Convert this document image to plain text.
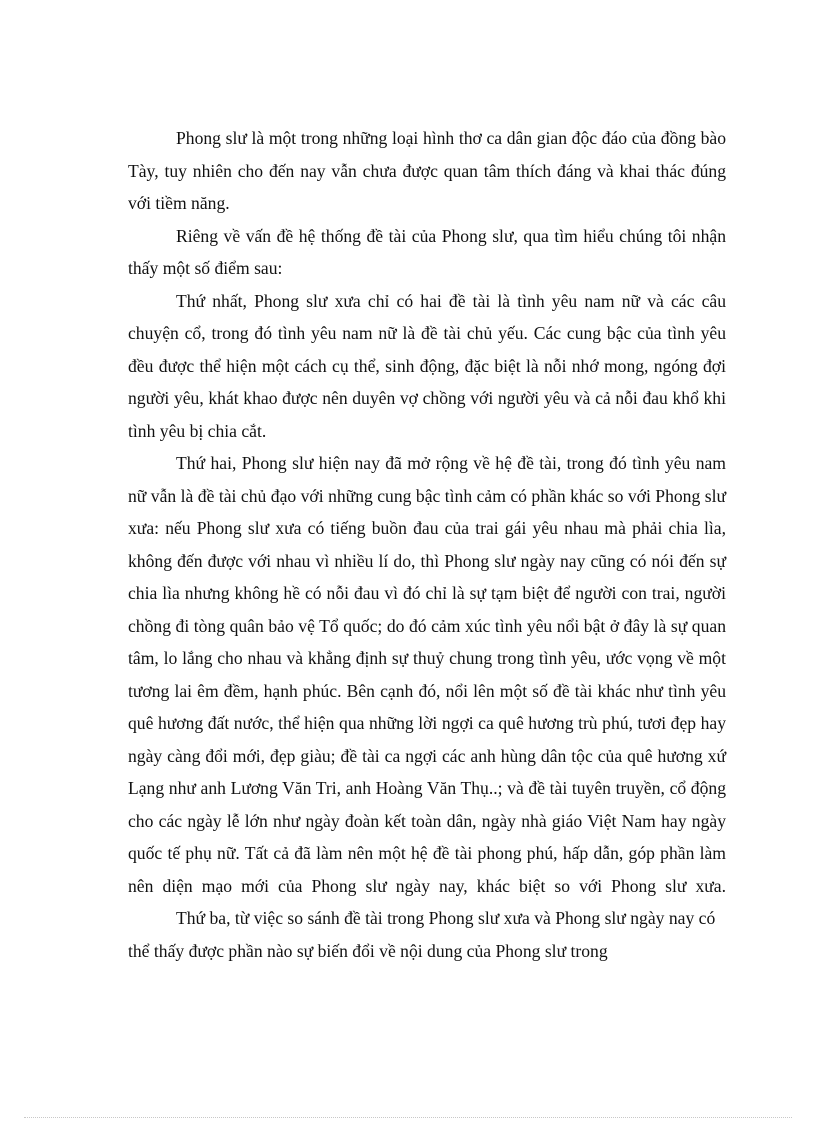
Phong slư là một trong những loại hình thơ ca dân gian độc đáo của đồng bào Tày, tuy nhiên cho đến nay vẫn chưa được quan tâm thích đáng và khai thác đúng với tiềm năng.

Riêng về vấn đề hệ thống đề tài của Phong slư, qua tìm hiểu chúng tôi nhận thấy một số điểm sau:

Thứ nhất, Phong slư xưa chỉ có hai đề tài là tình yêu nam nữ và các câu chuyện cổ, trong đó tình yêu nam nữ là đề tài chủ yếu. Các cung bậc của tình yêu đều được thể hiện một cách cụ thể, sinh động, đặc biệt là nỗi nhớ mong, ngóng đợi người yêu, khát khao được nên duyên vợ chồng với người yêu và cả nỗi đau khổ khi tình yêu bị chia cắt.

Thứ hai, Phong slư hiện nay đã mở rộng về hệ đề tài, trong đó tình yêu nam nữ vẫn là đề tài chủ đạo với những cung bậc tình cảm có phần khác so với Phong slư xưa: nếu Phong slư xưa có tiếng buồn đau của trai gái yêu nhau mà phải chia lìa, không đến được với nhau vì nhiều lí do, thì Phong slư ngày nay cũng có nói đến sự chia lìa nhưng không hề có nỗi đau vì đó chỉ là sự tạm biệt để người con trai, người chồng đi tòng quân bảo vệ Tổ quốc; do đó cảm xúc tình yêu nổi bật ở đây là sự quan tâm, lo lắng cho nhau và khẳng định sự thuỷ chung trong tình yêu, ước vọng về một tương lai êm đềm, hạnh phúc. Bên cạnh đó, nổi lên một số đề tài khác như tình yêu quê hương đất nước, thể hiện qua những lời ngợi ca quê hương trù phú, tươi đẹp hay ngày càng đổi mới, đẹp giàu; đề tài ca ngợi các anh hùng dân tộc của quê hương xứ Lạng như anh Lương Văn Tri, anh Hoàng Văn Thụ..; và đề tài tuyên truyền, cổ động cho các ngày lễ lớn như ngày đoàn kết toàn dân, ngày nhà giáo Việt Nam hay ngày quốc tế phụ nữ. Tất cả đã làm nên một hệ đề tài phong phú, hấp dẫn, góp phần làm nên diện mạo mới của Phong slư ngày nay, khác biệt so với Phong slư xưa.

Thứ ba, từ việc so sánh đề tài trong Phong slư xưa và Phong slư ngày nay có thể thấy được phần nào sự biến đổi về nội dung của Phong slư trong
